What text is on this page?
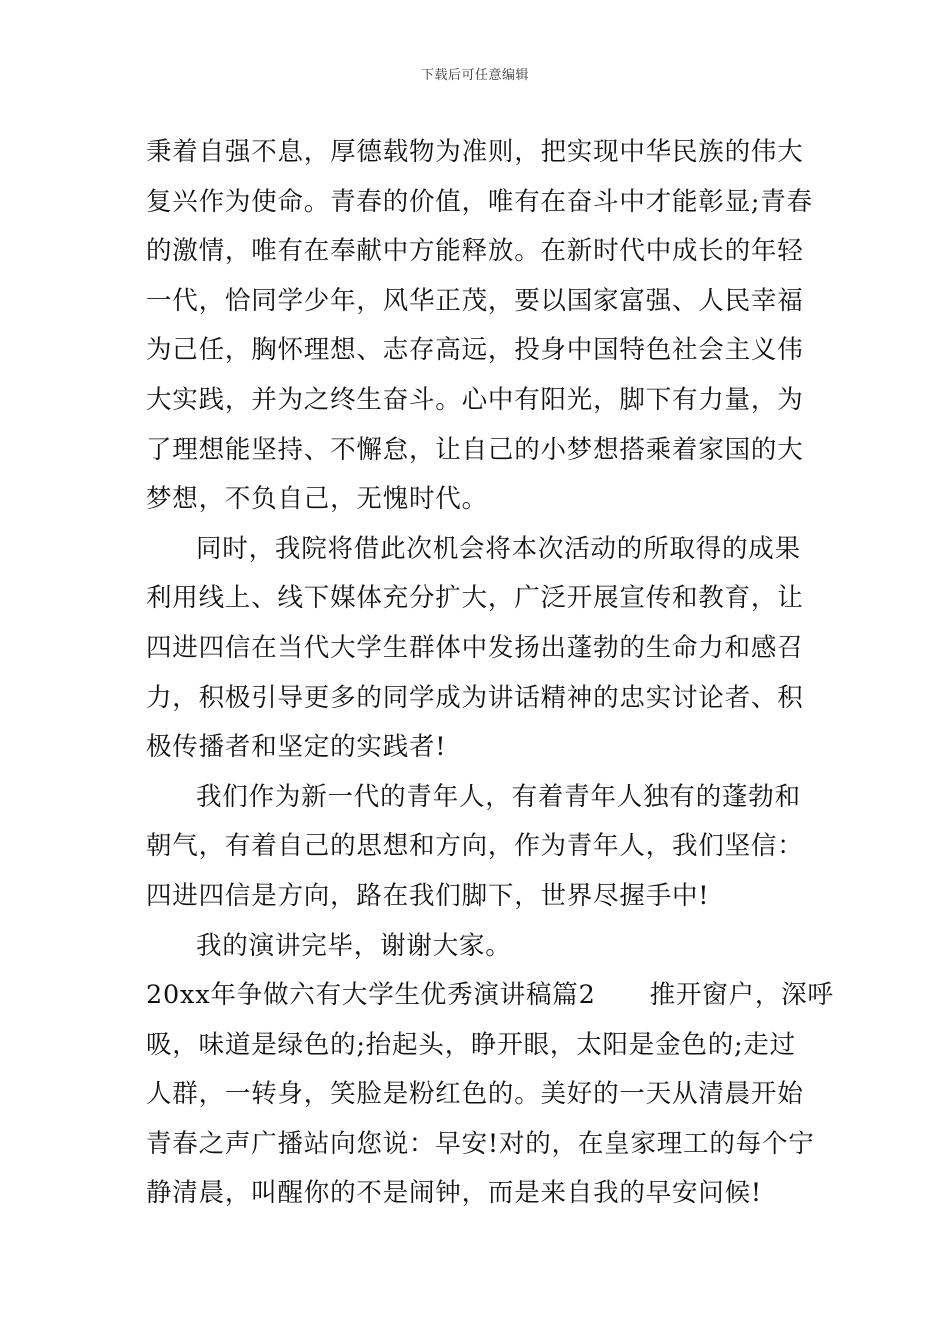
下载后可任意编辑
秉着自强不息，厚德载物为准则，把实现中华民族的伟大
复兴作为使命。青春的价值，唯有在奋斗中才能彰显;青春
的激情，唯有在奉献中方能释放。在新时代中成长的年轻
一代，恰同学少年，风华正茂，要以国家富强、人民幸福
为己任，胸怀理想、志存高远，投身中国特色社会主义伟
大实践，并为之终生奋斗。心中有阳光，脚下有力量，为
了理想能坚持、不懈怠，让自己的小梦想搭乘着家国的大
梦想，不负自己，无愧时代。
同时，我院将借此次机会将本次活动的所取得的成果
利用线上、线下媒体充分扩大，广泛开展宣传和教育，让
四进四信在当代大学生群体中发扬出蓬勃的生命力和感召
力，积极引导更多的同学成为讲话精神的忠实讨论者、积
极传播者和坚定的实践者!
我们作为新一代的青年人，有着青年人独有的蓬勃和
朝气，有着自己的思想和方向，作为青年人，我们坚信：
四进四信是方向，路在我们脚下，世界尽握手中!
我的演讲完毕，谢谢大家。
20xx年争做六有大学生优秀演讲稿篇2 推开窗户，深呼
吸，味道是绿色的;抬起头，睁开眼，太阳是金色的;走过
人群，一转身，笑脸是粉红色的。美好的一天从清晨开始
青春之声广播站向您说：早安!对的，在皇家理工的每个宁
静清晨，叫醒你的不是闹钟，而是来自我的早安问候!
